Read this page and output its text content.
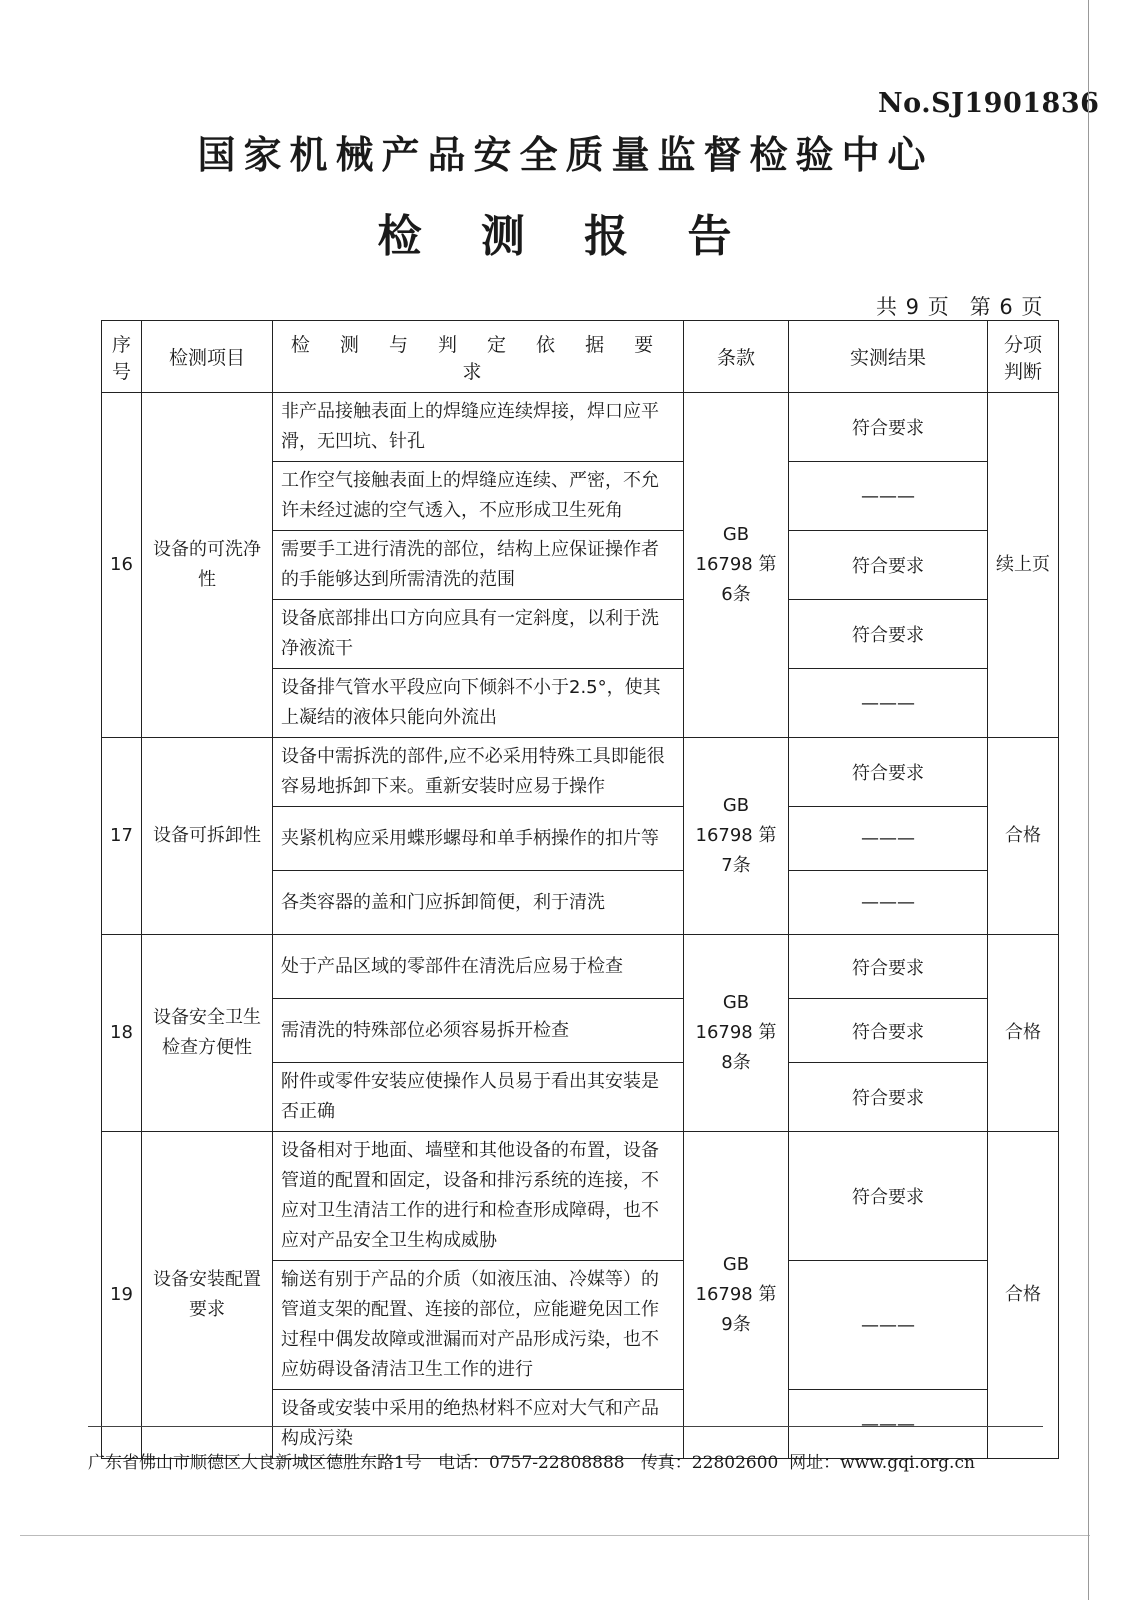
No.SJ1901836
国家机械产品安全质量监督检验中心
检 测 报 告
共 9 页　第 6 页
序号	检测项目	检 测 与 判 定 依 据 要 求	条款	实测结果	分项判断
16	设备的可洗净性	非产品接触表面上的焊缝应连续焊接，焊口应平滑，无凹坑、针孔	GB 16798 第6条	符合要求	续上页
		工作空气接触表面上的焊缝应连续、严密，不允许未经过滤的空气透入，不应形成卫生死角		———	
		需要手工进行清洗的部位，结构上应保证操作者的手能够达到所需清洗的范围		符合要求	
		设备底部排出口方向应具有一定斜度，以利于洗净液流干		符合要求	
		设备排气管水平段应向下倾斜不小于2.5°，使其上凝结的液体只能向外流出		———	
17	设备可拆卸性	设备中需拆洗的部件,应不必采用特殊工具即能很容易地拆卸下来。重新安装时应易于操作	GB 16798 第7条	符合要求	合格
		夹紧机构应采用蝶形螺母和单手柄操作的扣片等		———	
		各类容器的盖和门应拆卸简便，利于清洗		———	
18	设备安全卫生检查方便性	处于产品区域的零部件在清洗后应易于检查	GB 16798 第8条	符合要求	合格
		需清洗的特殊部位必须容易拆开检查		符合要求	
		附件或零件安装应使操作人员易于看出其安装是否正确		符合要求	
19	设备安装配置要求	设备相对于地面、墙壁和其他设备的布置，设备管道的配置和固定，设备和排污系统的连接，不应对卫生清洁工作的进行和检查形成障碍，也不应对产品安全卫生构成威胁	GB 16798 第9条	符合要求	合格
		输送有别于产品的介质（如液压油、冷媒等）的管道支架的配置、连接的部位，应能避免因工作过程中偶发故障或泄漏而对产品形成污染，也不应妨碍设备清洁卫生工作的进行		———	
		设备或安装中采用的绝热材料不应对大气和产品构成污染		———	
广东省佛山市顺德区大良新城区德胜东路1号 电话：0757-22808888 传真：22802600 网址：www.gqi.org.cn
